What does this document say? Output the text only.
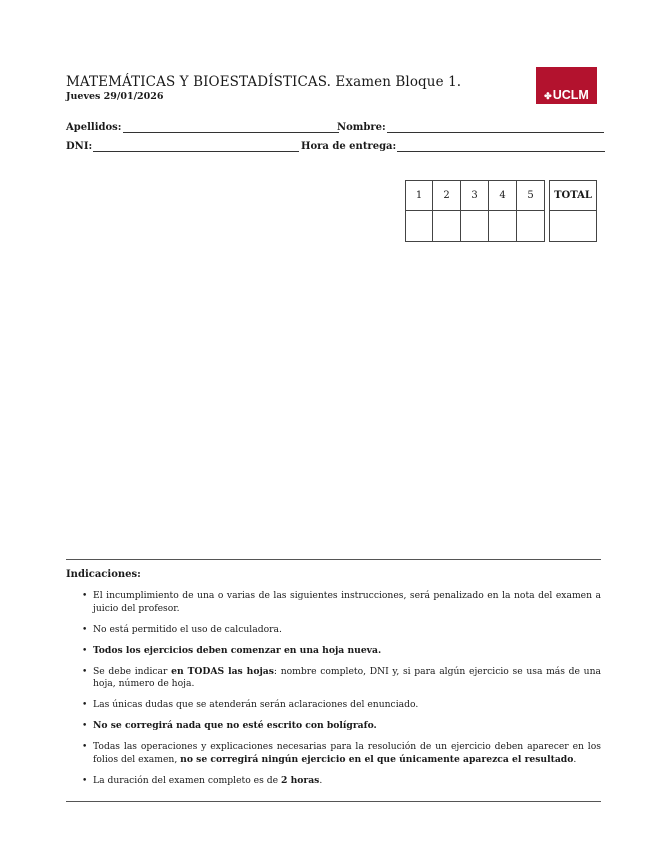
MATEMÁTICAS Y BIOESTADÍSTICAS. Examen Bloque 1.
Jueves 29/01/2026	✤ UCLM
Apellidos:	Nombre:
DNI:	Hora de entrega:
1	2	3	4	5		TOTAL

Indicaciones:
• El incumplimiento de una o varias de las siguientes instrucciones, será penalizado en la nota del examen a juicio del profesor.
• No está permitido el uso de calculadora.
• Todos los ejercicios deben comenzar en una hoja nueva.
• Se debe indicar en TODAS las hojas: nombre completo, DNI y, si para algún ejercicio se usa más de una hoja, número de hoja.
• Las únicas dudas que se atenderán serán aclaraciones del enunciado.
• No se corregirá nada que no esté escrito con bolígrafo.
• Todas las operaciones y explicaciones necesarias para la resolución de un ejercicio deben aparecer en los folios del examen, no se corregirá ningún ejercicio en el que únicamente aparezca el resultado.
• La duración del examen completo es de 2 horas.
